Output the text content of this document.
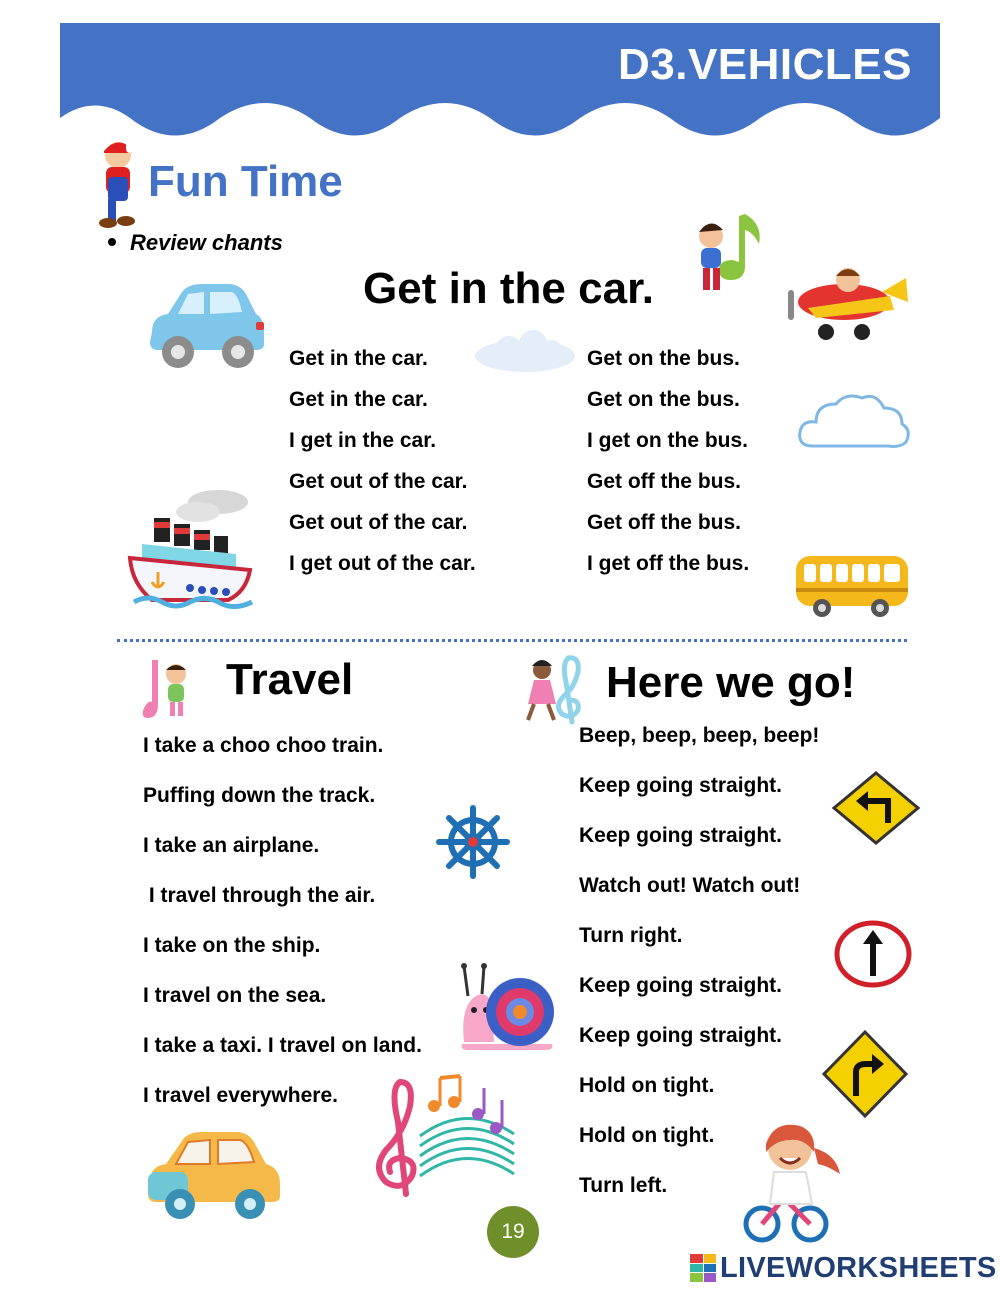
D3.VEHICLES
Fun Time
Review chants
Get in the car.
Get in the car.
Get in the car.
I get in the car.
Get out of the car.
Get out of the car.
I get out of the car.
Get on the bus.
Get on the bus.
I get on the bus.
Get off the bus.
Get off the bus.
I get off the bus.
Travel
I take a choo choo train.
Puffing down the track.
I take an airplane.
I travel through the air.
I take on the ship.
I travel on the sea.
I take a taxi. I travel on land.
I travel everywhere.
Here we go!
Beep, beep, beep, beep!
Keep going straight.
Keep going straight.
Watch out! Watch out!
Turn right.
Keep going straight.
Keep going straight.
Hold on tight.
Hold on tight.
Turn left.
19
LIVEWORKSHEETS
